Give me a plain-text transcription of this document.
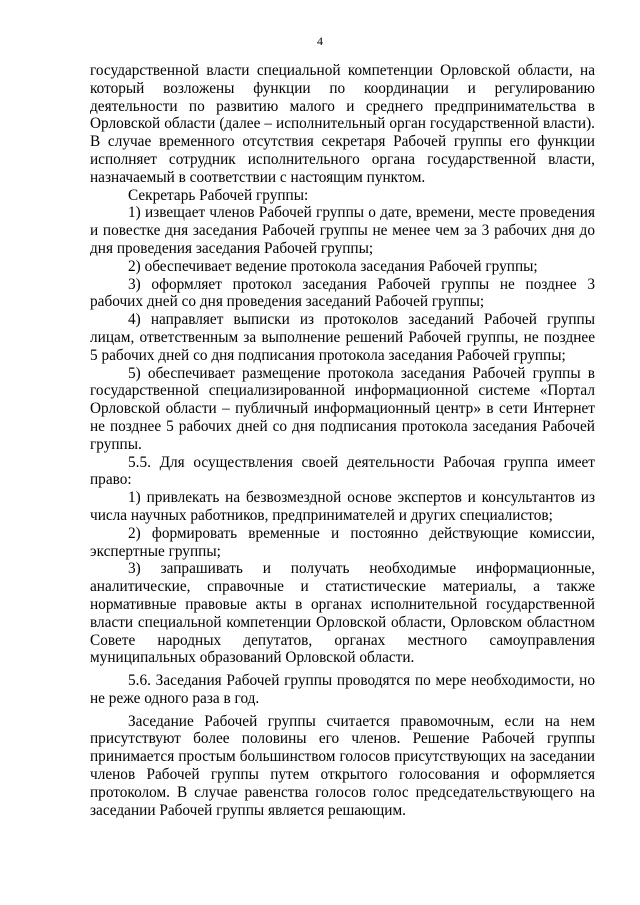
4

государственной власти специальной компетенции Орловской области, на который возложены функции по координации и регулированию деятельности по развитию малого и среднего предпринимательства в Орловской области (далее – исполнительный орган государственной власти). В случае временного отсутствия секретаря Рабочей группы его функции исполняет сотрудник исполнительного органа государственной власти, назначаемый в соответствии с настоящим пунктом.

Секретарь Рабочей группы:

1) извещает членов Рабочей группы о дате, времени, месте проведения и повестке дня заседания Рабочей группы не менее чем за 3 рабочих дня до дня проведения заседания Рабочей группы;

2) обеспечивает ведение протокола заседания Рабочей группы;

3) оформляет протокол заседания Рабочей группы не позднее 3 рабочих дней со дня проведения заседаний Рабочей группы;

4) направляет выписки из протоколов заседаний Рабочей группы лицам, ответственным за выполнение решений Рабочей группы, не позднее 5 рабочих дней со дня подписания протокола заседания Рабочей группы;

5) обеспечивает размещение протокола заседания Рабочей группы в государственной специализированной информационной системе «Портал Орловской области – публичный информационный центр» в сети Интернет не позднее 5 рабочих дней со дня подписания протокола заседания Рабочей группы.

5.5. Для осуществления своей деятельности Рабочая группа имеет право:

1) привлекать на безвозмездной основе экспертов и консультантов из числа научных работников, предпринимателей и других специалистов;

2) формировать временные и постоянно действующие комиссии, экспертные группы;

3) запрашивать и получать необходимые информационные, аналитические, справочные и статистические материалы, а также нормативные правовые акты в органах исполнительной государственной власти специальной компетенции Орловской области, Орловском областном Совете народных депутатов, органах местного самоуправления муниципальных образований Орловской области.

5.6. Заседания Рабочей группы проводятся по мере необходимости, но не реже одного раза в год.

Заседание Рабочей группы считается правомочным, если на нем присутствуют более половины его членов. Решение Рабочей группы принимается простым большинством голосов присутствующих на заседании членов Рабочей группы путем открытого голосования и оформляется протоколом. В случае равенства голосов голос председательствующего на заседании Рабочей группы является решающим.
